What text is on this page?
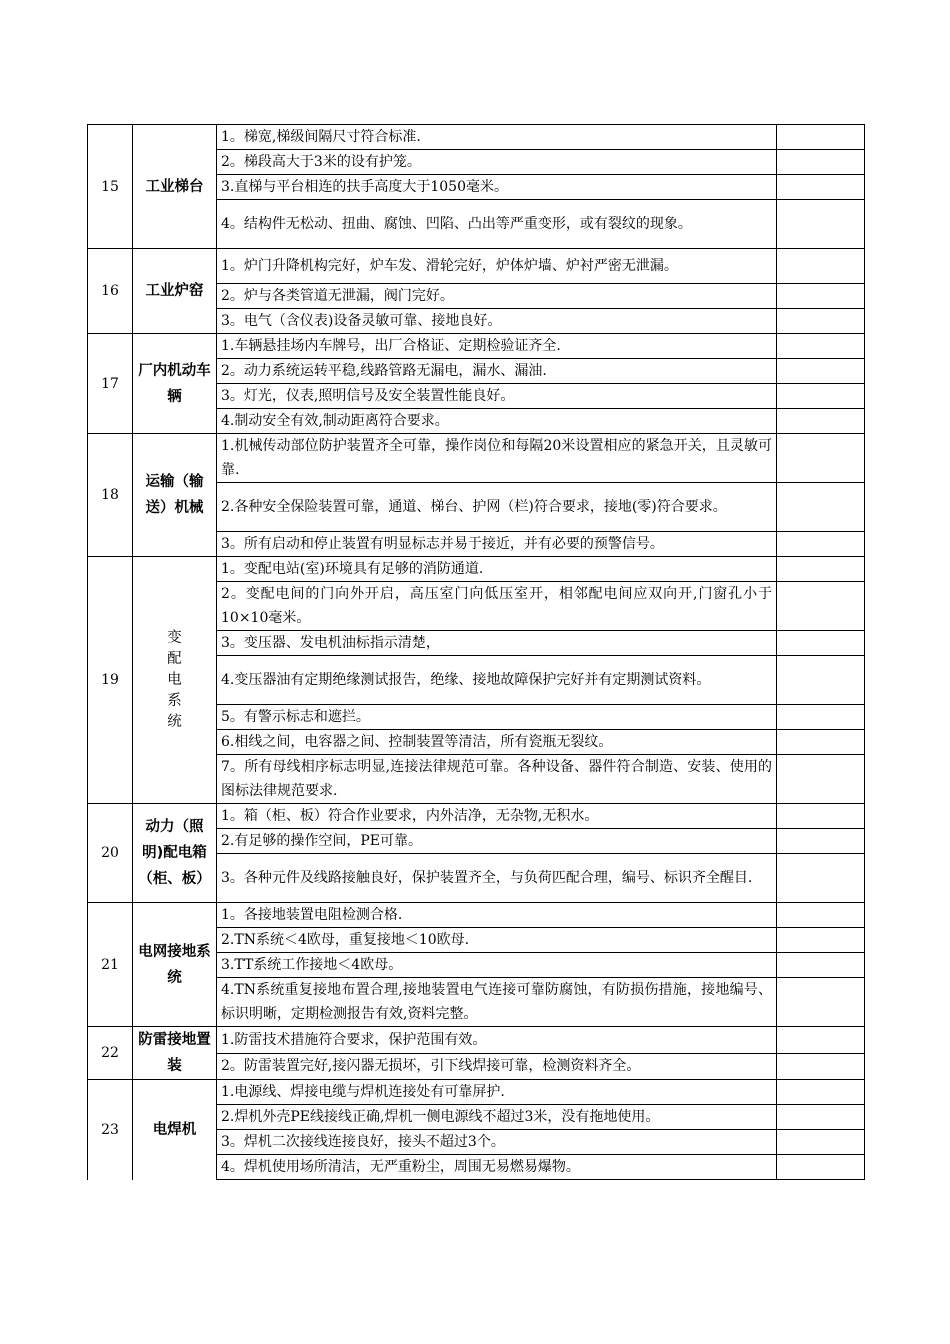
15	工业梯台	1。梯宽,梯级间隔尺寸符合标准.	
		2。梯段高大于3米的设有护笼。	
		3.直梯与平台相连的扶手高度大于1050毫米。	
		4。结构件无松动、扭曲、腐蚀、凹陷、凸出等严重变形，或有裂纹的现象。	
16	工业炉窑	1。炉门升降机构完好，炉车发、滑轮完好，炉体炉墙、炉衬严密无泄漏。	
		2。炉与各类管道无泄漏，阀门完好。	
		3。电气（含仪表)设备灵敏可靠、接地良好。	
17	厂内机动车辆	1.车辆悬挂场内车牌号，出厂合格证、定期检验证齐全.	
		2。动力系统运转平稳,线路管路无漏电，漏水、漏油.	
		3。灯光，仪表,照明信号及安全装置性能良好。	
		4.制动安全有效,制动距离符合要求。	
18	运输（输送）机械	1.机械传动部位防护装置齐全可靠，操作岗位和每隔20米设置相应的紧急开关，且灵敏可靠.	
		2.各种安全保险装置可靠，通道、梯台、护网（栏)符合要求，接地(零)符合要求。	
		3。所有启动和停止装置有明显标志并易于接近，并有必要的预警信号。	
19	变配电系统	1。变配电站(室)环境具有足够的消防通道.	
		2。变配电间的门向外开启，高压室门向低压室开，相邻配电间应双向开,门窗孔小于10×10毫米。	
		3。变压器、发电机油标指示清楚，	
		4.变压器油有定期绝缘测试报告，绝缘、接地故障保护完好并有定期测试资料。	
		5。有警示标志和遮拦。	
		6.相线之间，电容器之间、控制装置等清洁，所有瓷瓶无裂纹。	
		7。所有母线相序标志明显,连接法律规范可靠。各种设备、器件符合制造、安装、使用的图标法律规范要求.	
20	动力（照明)配电箱（柜、板）	1。箱（柜、板）符合作业要求，内外洁净，无杂物,无积水。	
		2.有足够的操作空间，PE可靠。	
		3。各种元件及线路接触良好，保护装置齐全，与负荷匹配合理，编号、标识齐全醒目.	
21	电网接地系统	1。各接地装置电阻检测合格.	
		2.TN系统＜4欧母，重复接地＜10欧母.	
		3.TT系统工作接地＜4欧母。	
		4.TN系统重复接地布置合理,接地装置电气连接可靠防腐蚀，有防损伤措施，接地编号、标识明晰，定期检测报告有效,资料完整。	
22	防雷接地置装	1.防雷技术措施符合要求，保护范围有效。	
		2。防雷装置完好,接闪器无损坏，引下线焊接可靠，检测资料齐全。	
23	电焊机	1.电源线、焊接电缆与焊机连接处有可靠屏护.	
		2.焊机外壳PE线接线正确,焊机一侧电源线不超过3米，没有拖地使用。	
		3。焊机二次接线连接良好，接头不超过3个。	
		4。焊机使用场所清洁，无严重粉尘，周围无易燃易爆物。	
